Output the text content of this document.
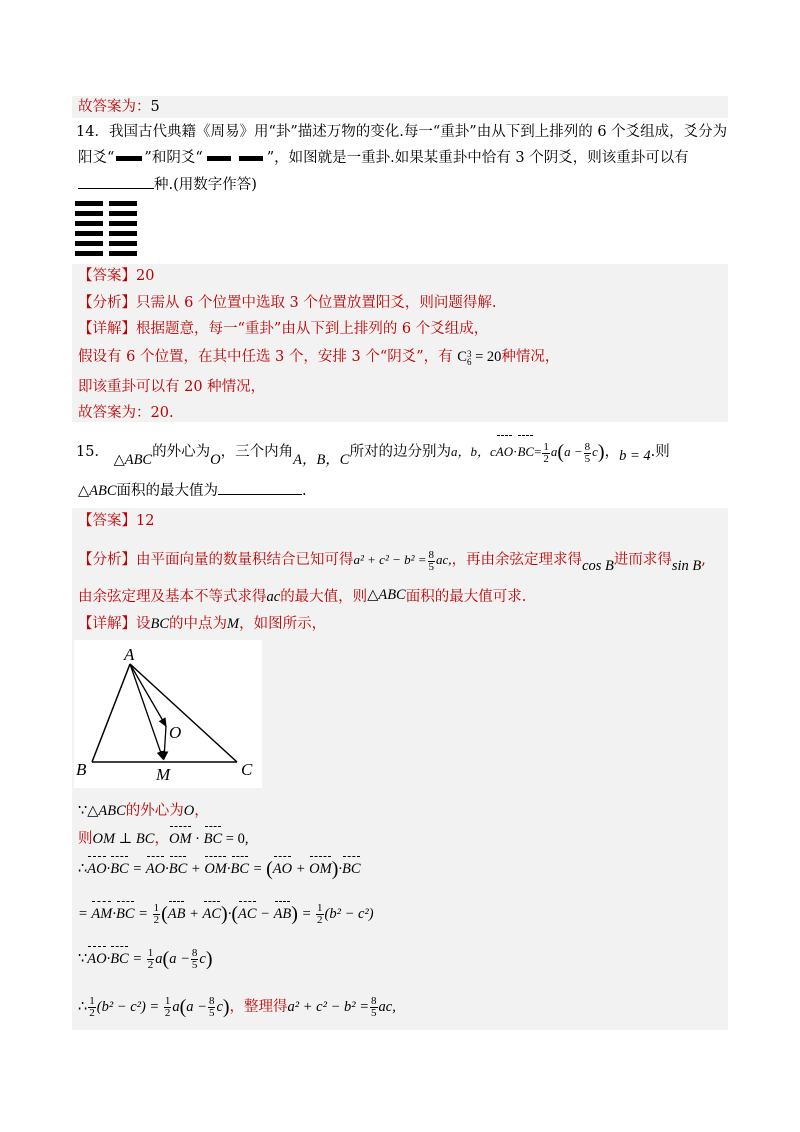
故答案为：5
14．我国古代典籍《周易》用“卦”描述万物的变化.每一“重卦”由从下到上排列的 6 个爻组成，爻分为
阳爻“ ”和阴爻“	”，如图就是一重卦.如果某重卦中恰有 3 个阴爻，则该重卦可以有
种.(用数字作答)
【答案】20
【分析】只需从 6 个位置中选取 3 个位置放置阳爻，则问题得解.
【详解】根据题意，每一“重卦”由从下到上排列的 6 个爻组成，
假设有 6 个位置，在其中任选 3 个，安排 3 个“阴爻”，有 C 3
6 = 20种情况，
即该重卦可以有 20 种情况，
故答案为：20.
15． △ABC的外心为O，三个内角A，B，C所对的边分别为a，b，$cAO\cdot BC= \frac{1}{2} a(a - \frac{8}{5} c)$，b = 4.则
△ABC面积的最大值为	.
【答案】12
【分析】由平面向量的数量积结合已知可得$a^2 + c^2 - b^2 = \frac{8}{5}$ ac,，再由余弦定理求得cos B进而求得sin B,
由余弦定理及基本不等式求得ac的最大值，则△ABC面积的最大值可求.
【详解】设BC的中点为M，如图所示，
A
B	C
O
M
∵△ABC的外心为O，
则OM ⊥ BC，OM · BC = 0,
∴AO·BC = AO·BC + OM·BC = (AO + OM)·BC
= $AM\cdot BC = \frac{1}{2} (AB + AC)\cdot(AC - AB) = \frac{1}{2} (b^2 - c^2)$
∵AO·BC = $\frac{1}{2} a(a - \frac{8}{5} c)$
∴ $\frac{1}{2} (b^2 - c^2) = \frac{1}{2} a(a - \frac{8}{5} c)$，整理得$a^2 + c^2 - b^2 = \frac{8}{5}$ ac,
